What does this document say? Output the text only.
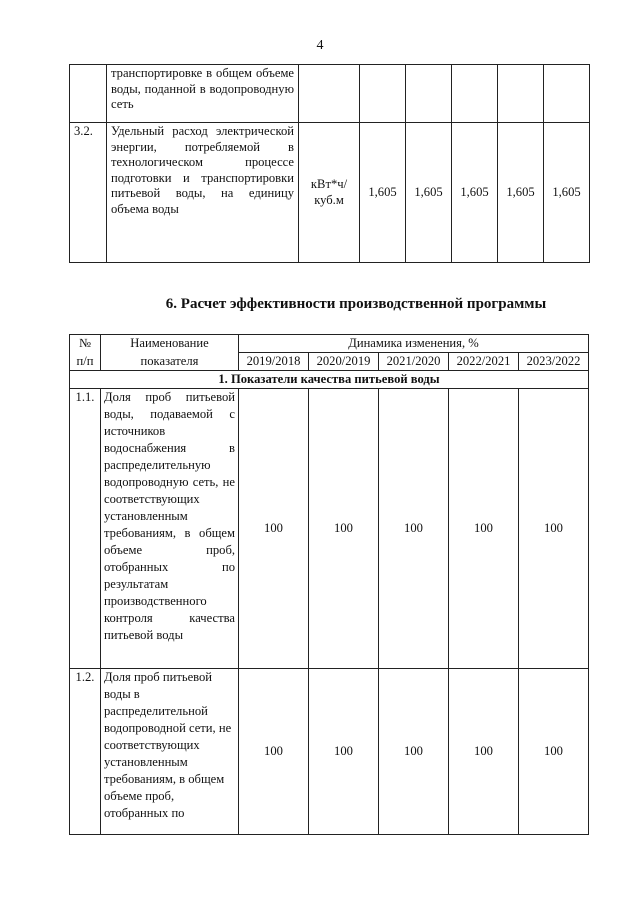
4
	транспортировке в общем объеме воды, поданной в водопроводную сеть						
3.2.	Удельный расход электрической энергии, потребляемой в технологическом процессе подготовки и транспортировки питьевой воды, на единицу объема воды	кВт*ч/ куб.м	1,605	1,605	1,605	1,605	1,605
6. Расчет эффективности производственной программы
№	Наименование	Динамика изменения, %				
п/п	показателя	2019/2018	2020/2019	2021/2020	2022/2021	2023/2022
1. Показатели качества питьевой воды						
1.1.	Доля проб питьевой воды, подаваемой с источников водоснабжения в распределительную водопроводную сеть, не соответствующих установленным требованиям, в общем объеме проб, отобранных по результатам производственного контроля качества питьевой воды	100	100	100	100	100
1.2.	Доля проб питьевой воды в распределительной водопроводной сети, не соответствующих установленным требованиям, в общем объеме проб, отобранных по	100	100	100	100	100
